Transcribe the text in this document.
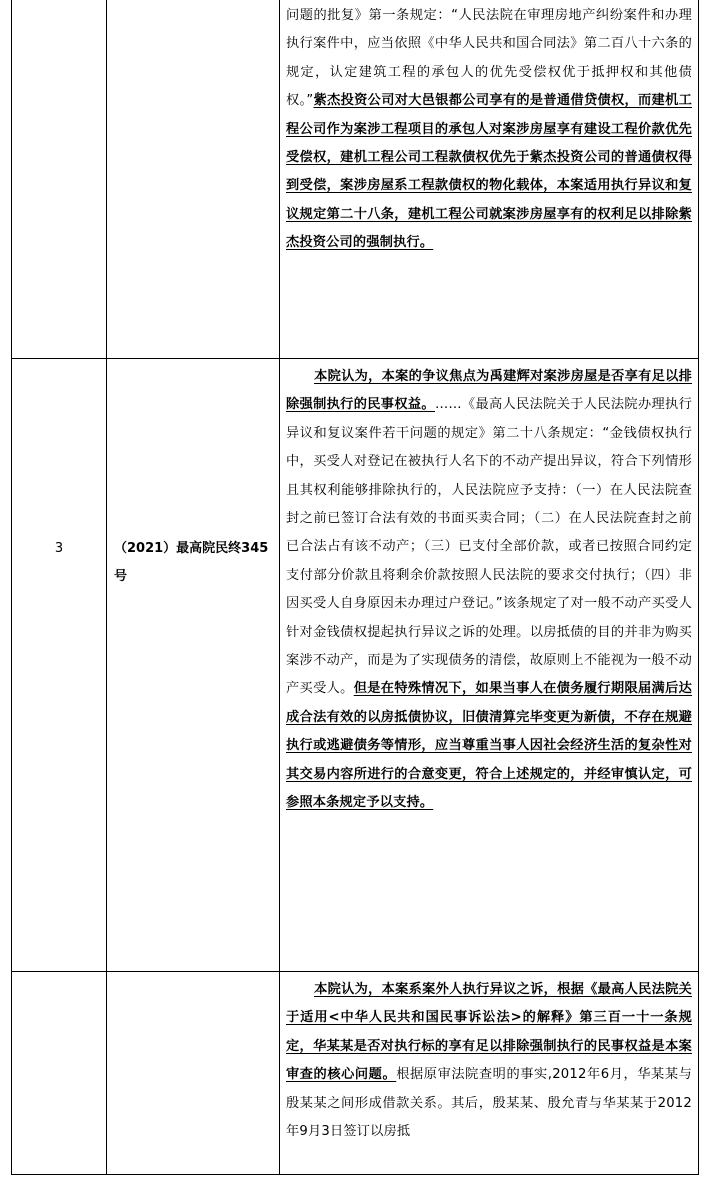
问题的批复》第一条规定：“人民法院在审理房地产纠纷案件和办理执行案件中，应当依照《中华人民共和国合同法》第二百八十六条的规定，认定建筑工程的承包人的优先受偿权优于抵押权和其他债权。”紫杰投资公司对大邑银都公司享有的是普通借贷债权，而建机工程公司作为案涉工程项目的承包人对案涉房屋享有建设工程价款优先受偿权，建机工程公司工程款债权优先于紫杰投资公司的普通债权得到受偿，案涉房屋系工程款债权的物化载体，本案适用执行异议和复议规定第二十八条，建机工程公司就案涉房屋享有的权利足以排除紫杰投资公司的强制执行。
3	（2021）最高院民终345号
本院认为，本案的争议焦点为禹建辉对案涉房屋是否享有足以排除强制执行的民事权益。……《最高人民法院关于人民法院办理执行异议和复议案件若干问题的规定》第二十八条规定：“金钱债权执行中，买受人对登记在被执行人名下的不动产提出异议，符合下列情形且其权利能够排除执行的，人民法院应予支持：（一）在人民法院查封之前已签订合法有效的书面买卖合同；（二）在人民法院查封之前已合法占有该不动产；（三）已支付全部价款，或者已按照合同约定支付部分价款且将剩余价款按照人民法院的要求交付执行；（四）非因买受人自身原因未办理过户登记。”该条规定了对一般不动产买受人针对金钱债权提起执行异议之诉的处理。以房抵债的目的并非为购买案涉不动产，而是为了实现债务的清偿，故原则上不能视为一般不动产买受人。但是在特殊情况下，如果当事人在债务履行期限届满后达成合法有效的以房抵债协议，旧债清算完毕变更为新债，不存在规避执行或逃避债务等情形，应当尊重当事人因社会经济生活的复杂性对其交易内容所进行的合意变更，符合上述规定的，并经审慎认定，可参照本条规定予以支持。
本院认为，本案系案外人执行异议之诉，根据《最高人民法院关于适用<中华人民共和国民事诉讼法>的解释》第三百一十一条规定，华某某是否对执行标的享有足以排除强制执行的民事权益是本案审查的核心问题。根据原审法院查明的事实,2012年6月，华某某与殷某某之间形成借款关系。其后，殷某某、殷允青与华某某于2012年9月3日签订以房抵
